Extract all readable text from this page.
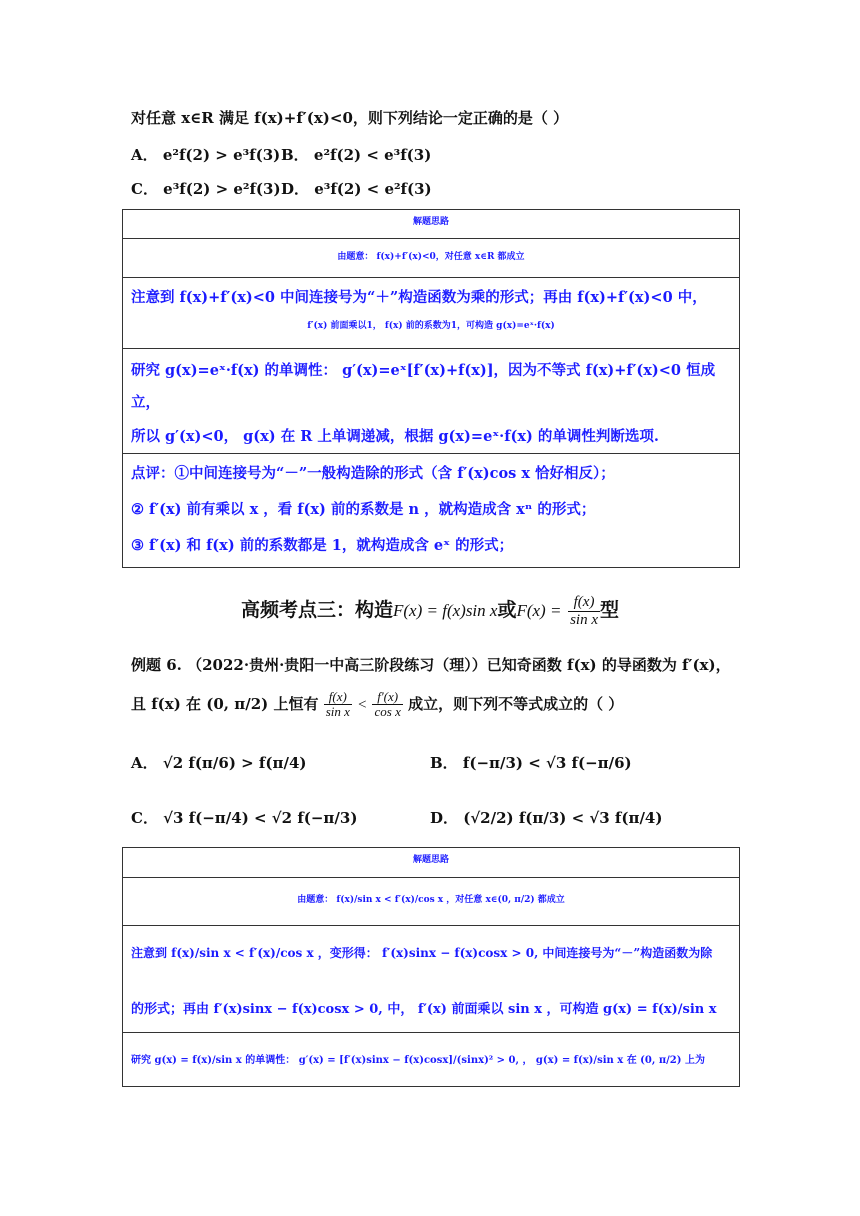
对任意 x∈R 满足 f(x)+f′(x)<0，则下列结论一定正确的是（ ）
A． e²f(2) > e³f(3) B． e²f(2) < e³f(3)
C． e³f(2) > e²f(3) D． e³f(2) < e²f(3)
解题思路
由题意： f(x)+f′(x)<0，对任意 x∈R 都成立
注意到 f(x)+f′(x)<0 中间连接号为“＋”构造函数为乘的形式；再由 f(x)+f′(x)<0 中，
f′(x) 前面乘以1， f(x) 前的系数为1，可构造 g(x)=eˣ·f(x)
研究 g(x)=eˣ·f(x) 的单调性： g′(x)=eˣ[f′(x)+f(x)]，因为不等式 f(x)+f′(x)<0 恒成
立，
所以 g′(x)<0， g(x) 在 R 上单调递减，根据 g(x)=eˣ·f(x) 的单调性判断选项.
点评：①中间连接号为“－”一般构造除的形式（含 f′(x)cos x 恰好相反）；
② f′(x) 前有乘以 x ，看 f(x) 前的系数是 n ，就构造成含 xⁿ 的形式；
③ f′(x) 和 f(x) 前的系数都是 1，就构造成含 eˣ 的形式；
高频考点三：构造F(x) = f(x)sin x或$F(x) = \frac{f(x)}{\text{sin x}}$ 型
例题 6. （2022·贵州·贵阳一中高三阶段练习（理））已知奇函数 f(x) 的导函数为 f′(x)，
且 f(x) 在 (0, π/2) 上恒有 $\frac{f(x)}{\text{sin x}} < \frac{f'(x)}{\text{cos x}}$ 成立，则下列不等式成立的（ ）
A． √2 f(π/6) > f(π/4)	B． f(−π/3) < √3 f(−π/6)
C． √3 f(−π/4) < √2 f(−π/3)	D． (√2/2) f(π/3) < √3 f(π/4)
解题思路
由题意： f(x)/sin x < f′(x)/cos x ，对任意 x∈(0, π/2) 都成立
注意到 f(x)/sin x < f′(x)/cos x ，变形得： f′(x)sinx − f(x)cosx > 0, 中间连接号为“－”构造函数为除
的形式；再由 f′(x)sinx − f(x)cosx > 0, 中， f′(x) 前面乘以 sin x ，可构造 g(x) = f(x)/sin x
研究 g(x) = f(x)/sin x 的单调性： g′(x) = [f′(x)sinx − f(x)cosx]/(sinx)² > 0, ， g(x) = f(x)/sin x 在 (0, π/2) 上为
